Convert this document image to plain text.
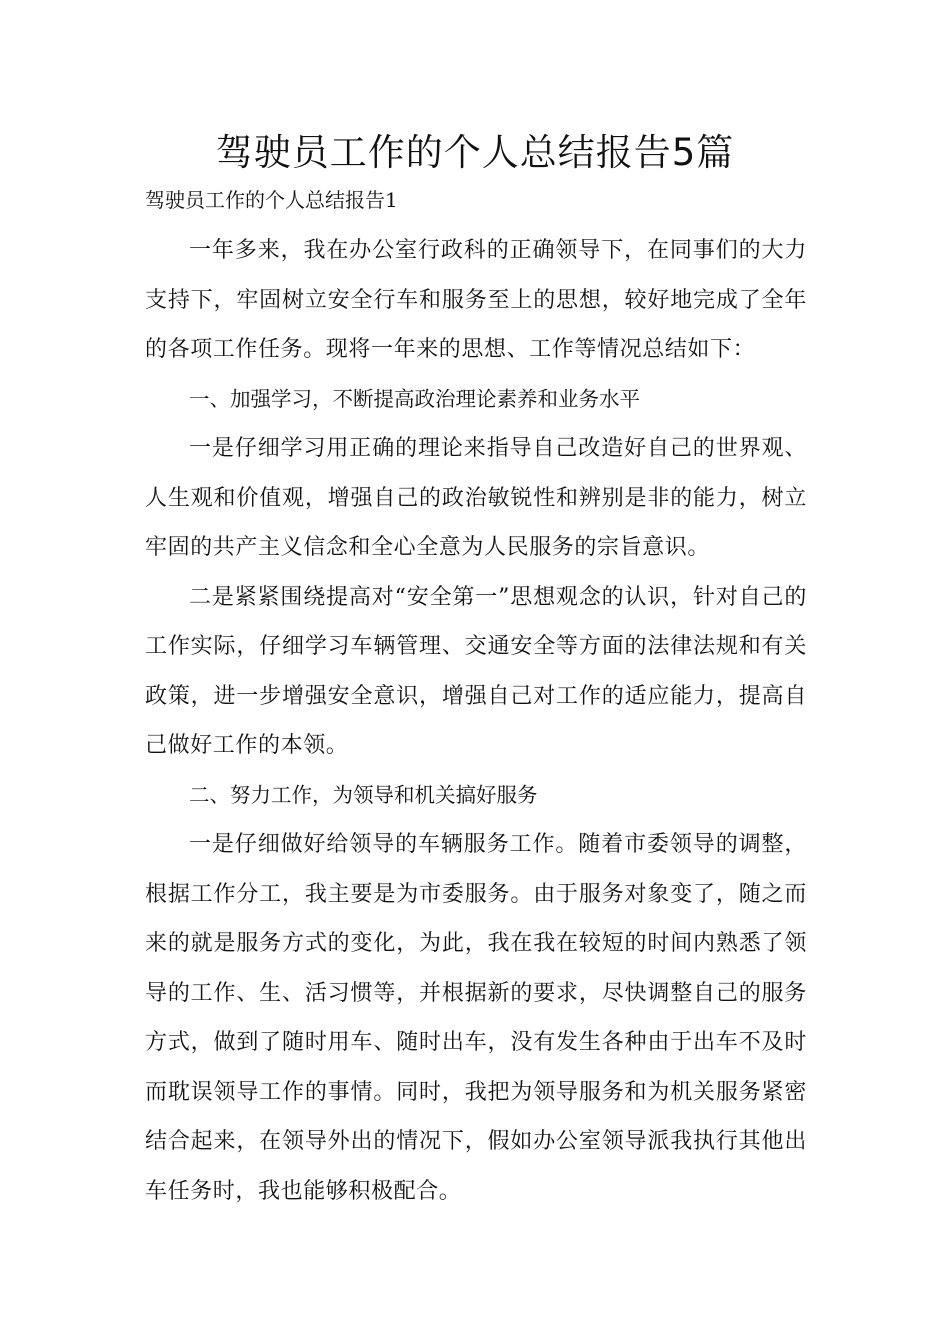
驾驶员工作的个人总结报告5篇

驾驶员工作的个人总结报告1

一年多来，我在办公室行政科的正确领导下，在同事们的大力支持下，牢固树立安全行车和服务至上的思想，较好地完成了全年的各项工作任务。现将一年来的思想、工作等情况总结如下：

一、加强学习，不断提高政治理论素养和业务水平

一是仔细学习用正确的理论来指导自己改造好自己的世界观、人生观和价值观，增强自己的政治敏锐性和辨别是非的能力，树立牢固的共产主义信念和全心全意为人民服务的宗旨意识。

二是紧紧围绕提高对“安全第一”思想观念的认识，针对自己的工作实际，仔细学习车辆管理、交通安全等方面的法律法规和有关政策，进一步增强安全意识，增强自己对工作的适应能力，提高自己做好工作的本领。

二、努力工作，为领导和机关搞好服务

一是仔细做好给领导的车辆服务工作。随着市委领导的调整，根据工作分工，我主要是为市委服务。由于服务对象变了，随之而来的就是服务方式的变化，为此，我在我在较短的时间内熟悉了领导的工作、生、活习惯等，并根据新的要求，尽快调整自己的服务方式，做到了随时用车、随时出车，没有发生各种由于出车不及时而耽误领导工作的事情。同时，我把为领导服务和为机关服务紧密结合起来，在领导外出的情况下，假如办公室领导派我执行其他出车任务时，我也能够积极配合。
